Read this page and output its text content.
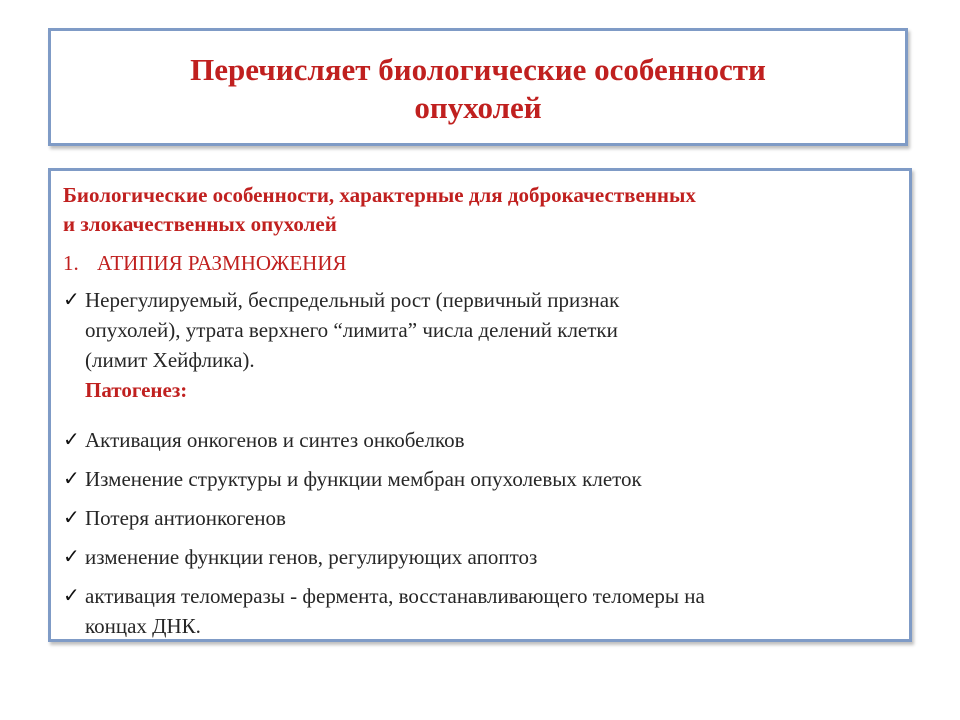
Перечисляет биологические особенности
опухолей
Биологические особенности, характерные для доброкачественных
и злокачественных опухолей
1. АТИПИЯ РАЗМНОЖЕНИЯ
✓ Нерегулируемый, беспредельный рост (первичный признак
опухолей), утрата верхнего “лимита” числа делений клетки
(лимит Хейфлика).
Патогенез:
✓ Активация онкогенов и синтез онкобелков
✓ Изменение структуры и функции мембран опухолевых клеток
✓ Потеря антионкогенов
✓ изменение функции генов, регулирующих апоптоз
✓ активация теломеразы - фермента, восстанавливающего теломеры на
концах ДНК.
